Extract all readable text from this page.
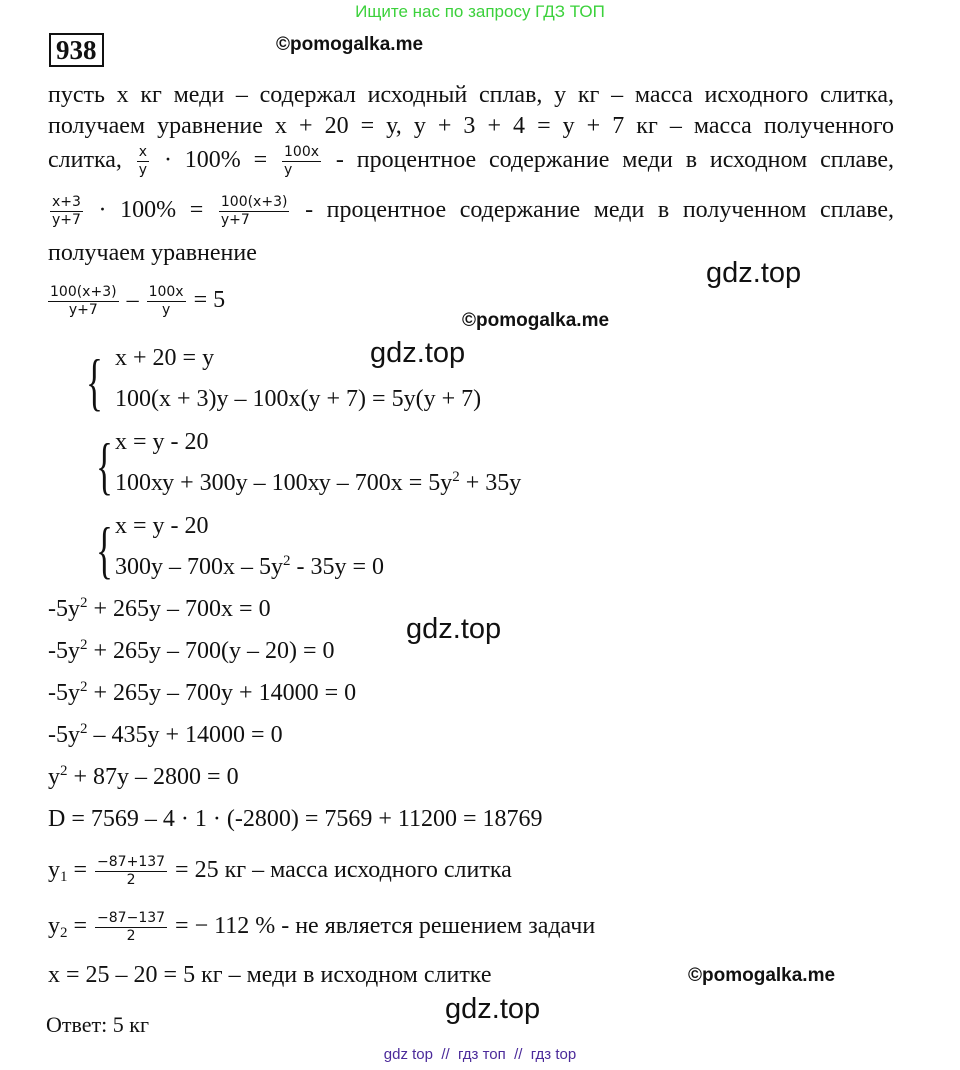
Ищите нас по запросу ГДЗ ТОП
938	©pomogalka.me
пусть х кг меди – содержал исходный сплав, у кг – масса исходного слитка,
получаем уравнение х + 20 = у, у + 3 + 4 = у + 7 кг – масса полученного
слитка, $\frac{x}{y} \cdot 100\% = \frac{100x}{y}$ - процентное содержание меди в исходном сплаве,
$\frac{x+3}{y+7} \cdot 100\% = \frac{100(x+3)}{y+7}$ - процентное содержание меди в полученном сплаве,
получаем уравнение
gdz.top
$\frac{100(x+3)}{y+7} - \frac{100x}{y} = 5$
©pomogalka.me
{ х + 20 = у
100(х + 3)у – 100х(у + 7) = 5у(у + 7)
gdz.top
{ х = у - 20
$100ху + 300у - 100ху - 700х = 5у^2 + 35у$
{ х = у - 20
$300у - 700х - 5у^2 - 35у = 0$
$-5у^2 + 265у - 700х = 0$
gdz.top
$-5у^2 + 265у - 700(у - 20) = 0$
$-5у^2 + 265у - 700у + 14000 = 0$
$-5у^2 - 435у + 14000 = 0$
$у^2 + 87у - 2800 = 0$
D = 7569 – 4 · 1 · (-2800) = 7569 + 11200 = 18769
$у_1 = \frac{-87+137}{2} = 25$ кг – масса исходного слитка
$у_2 = \frac{-87-137}{2}$ = − 112 % - не является решением задачи
х = 25 – 20 = 5 кг – меди в исходном слитке	©pomogalka.me
gdz.top
Ответ: 5 кг
gdz top  //  гдз топ  //  гдз top
